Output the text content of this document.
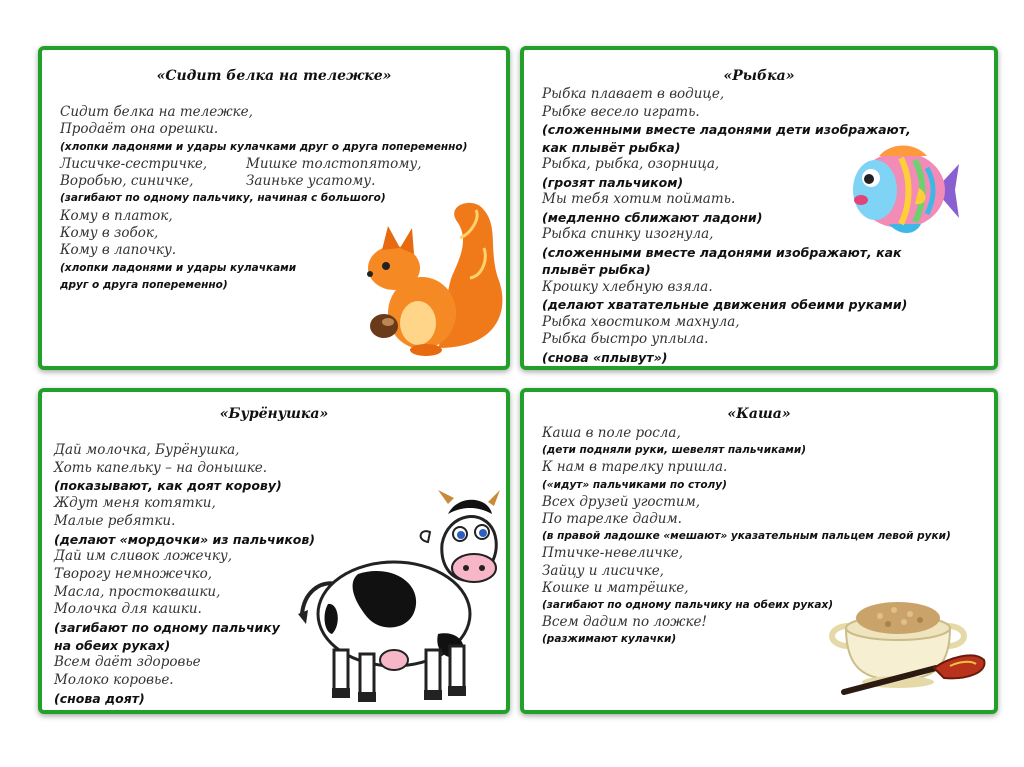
«Сидит белка на тележке»
Сидит белка на тележке,
Продаёт она орешки.
(хлопки ладонями и удары кулачками друг о друга попеременно)
Лисичке-сестричке,	Мишке толстопятому,
Воробью, синичке,	Заиньке усатому.
(загибают по одному пальчику, начиная с большого)
Кому в платок,
Кому в зобок,
Кому в лапочку.
(хлопки ладонями и удары кулачками
друг о друга попеременно)
«Рыбка»
Рыбка плавает в водице,
Рыбке весело играть.
(сложенными вместе ладонями дети изображают,
как плывёт рыбка)
Рыбка, рыбка, озорница,
(грозят пальчиком)
Мы тебя хотим поймать.
(медленно сближают ладони)
Рыбка спинку изогнула,
(сложенными вместе ладонями изображают, как
плывёт рыбка)
Крошку хлебную взяла.
(делают хватательные движения обеими руками)
Рыбка хвостиком махнула,
Рыбка быстро уплыла.
(снова «плывут»)
«Бурёнушка»
Дай молочка, Бурёнушка,
Хоть капельку – на донышке.
(показывают, как доят корову)
Ждут меня котятки,
Малые ребятки.
(делают «мордочки» из пальчиков)
Дай им сливок ложечку,
Творогу немножечко,
Масла, простоквашки,
Молочка для кашки.
(загибают по одному пальчику
на обеих руках)
Всем даёт здоровье
Молоко коровье.
(снова доят)
«Каша»
Каша в поле росла,
(дети подняли руки, шевелят пальчиками)
К нам в тарелку пришла.
(«идут» пальчиками по столу)
Всех друзей угостим,
По тарелке дадим.
(в правой ладошке «мешают» указательным пальцем левой руки)
Птичке-невеличке,
Зайцу и лисичке,
Кошке и матрёшке,
(загибают по одному пальчику на обеих руках)
Всем дадим по ложке!
(разжимают кулачки)
